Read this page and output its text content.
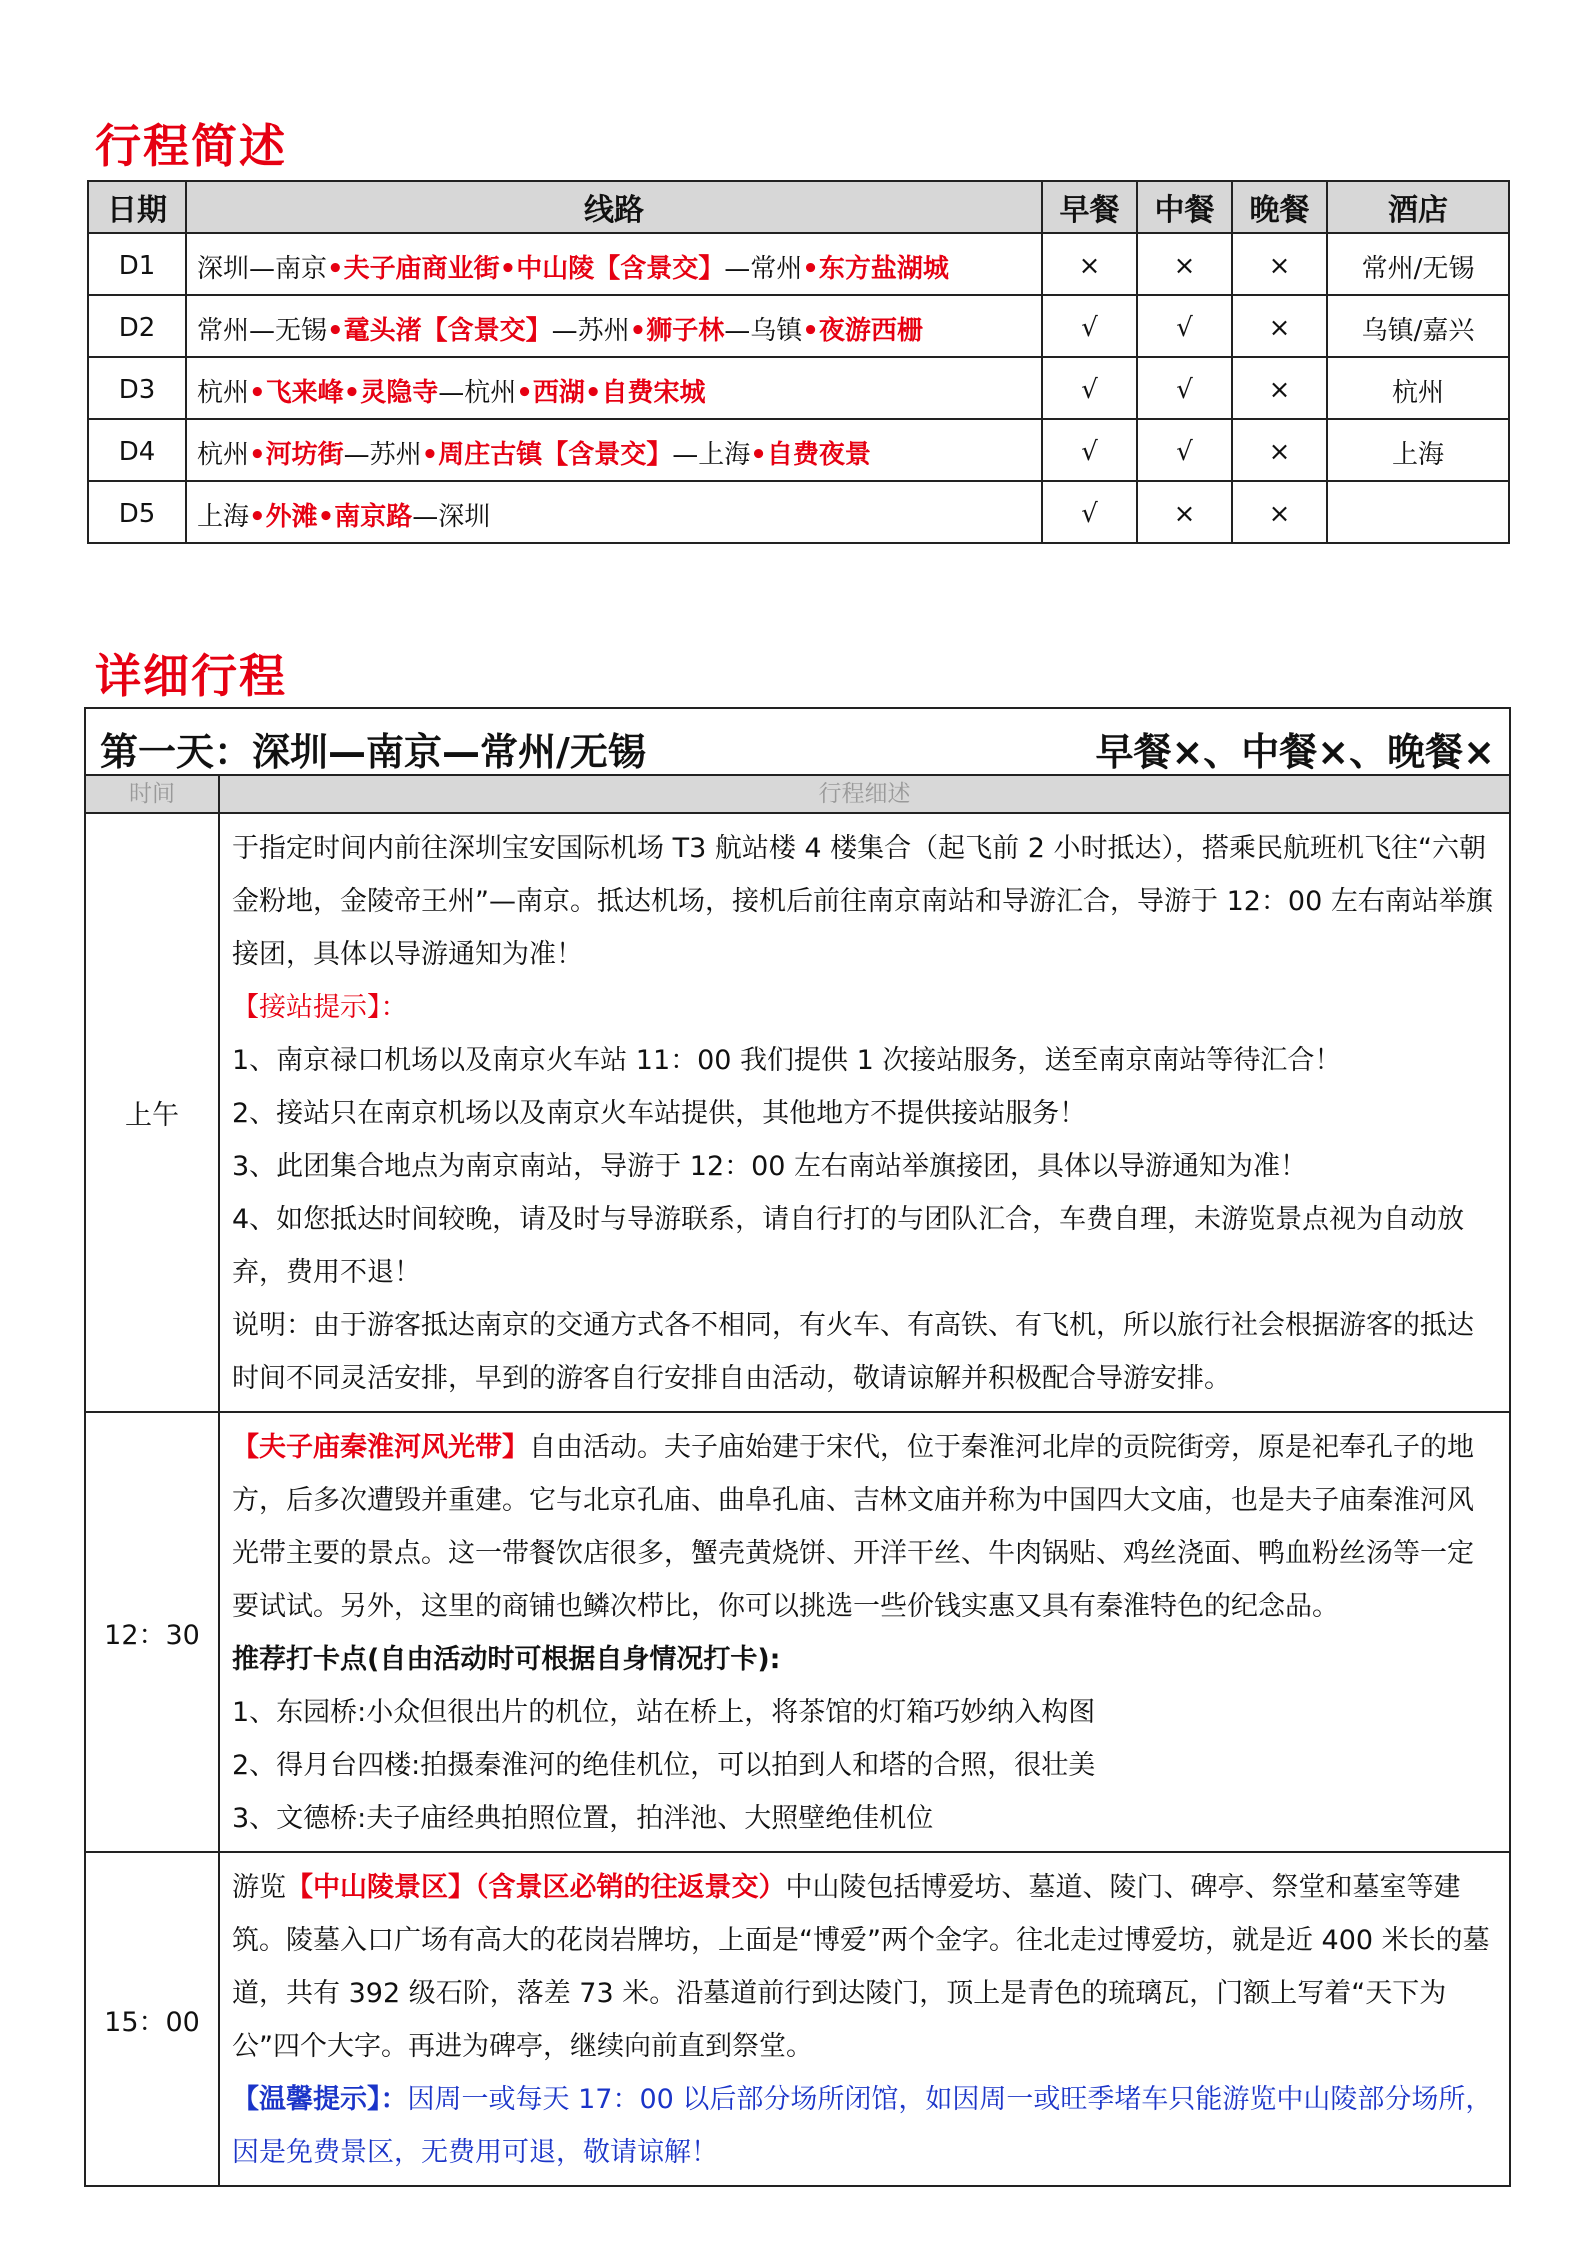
行程简述
日期	线路	早餐	中餐	晚餐	酒店
D1	深圳—南京•夫子庙商业街•中山陵【含景交】—常州•东方盐湖城	×	×	×	常州/无锡
D2	常州—无锡•鼋头渚【含景交】—苏州•狮子林—乌镇•夜游西栅	√	√	×	乌镇/嘉兴
D3	杭州•飞来峰•灵隐寺—杭州•西湖•自费宋城	√	√	×	杭州
D4	杭州•河坊街—苏州•周庄古镇【含景交】—上海•自费夜景	√	√	×	上海
D5	上海•外滩•南京路—深圳	√	×	×	
详细行程
第一天：深圳—南京—常州/无锡	早餐×、中餐×、晚餐×
时间	行程细述
上午

于指定时间内前往深圳宝安国际机场 T3 航站楼 4 楼集合（起飞前 2 小时抵达），搭乘民航班机飞往“六朝金粉地，金陵帝王州”—南京。抵达机场，接机后前往南京南站和导游汇合，导游于 12：00 左右南站举旗接团，具体以导游通知为准！

【接站提示】：

1、南京禄口机场以及南京火车站 11：00 我们提供 1 次接站服务，送至南京南站等待汇合！

2、接站只在南京机场以及南京火车站提供，其他地方不提供接站服务！

3、此团集合地点为南京南站，导游于 12：00 左右南站举旗接团，具体以导游通知为准！

4、如您抵达时间较晚，请及时与导游联系，请自行打的与团队汇合，车费自理，未游览景点视为自动放弃，费用不退！

说明：由于游客抵达南京的交通方式各不相同，有火车、有高铁、有飞机，所以旅行社会根据游客的抵达时间不同灵活安排，早到的游客自行安排自由活动，敬请谅解并积极配合导游安排。

12：30

【夫子庙秦淮河风光带】自由活动。夫子庙始建于宋代，位于秦淮河北岸的贡院街旁，原是祀奉孔子的地方，后多次遭毁并重建。它与北京孔庙、曲阜孔庙、吉林文庙并称为中国四大文庙，也是夫子庙秦淮河风光带主要的景点。这一带餐饮店很多，蟹壳黄烧饼、开洋干丝、牛肉锅贴、鸡丝浇面、鸭血粉丝汤等一定要试试。另外，这里的商铺也鳞次栉比，你可以挑选一些价钱实惠又具有秦淮特色的纪念品。

推荐打卡点(自由活动时可根据自身情况打卡):

1、东园桥:小众但很出片的机位，站在桥上，将茶馆的灯箱巧妙纳入构图

2、得月台四楼:拍摄秦淮河的绝佳机位，可以拍到人和塔的合照，很壮美

3、文德桥:夫子庙经典拍照位置，拍泮池、大照壁绝佳机位

15：00

游览【中山陵景区】（含景区必销的往返景交）中山陵包括博爱坊、墓道、陵门、碑亭、祭堂和墓室等建筑。陵墓入口广场有高大的花岗岩牌坊，上面是“博爱”两个金字。往北走过博爱坊，就是近 400 米长的墓道，共有 392 级石阶，落差 73 米。沿墓道前行到达陵门，顶上是青色的琉璃瓦，门额上写着“天下为公”四个大字。再进为碑亭，继续向前直到祭堂。

【温馨提示】：因周一或每天 17：00 以后部分场所闭馆，如因周一或旺季堵车只能游览中山陵部分场所，因是免费景区，无费用可退，敬请谅解！
